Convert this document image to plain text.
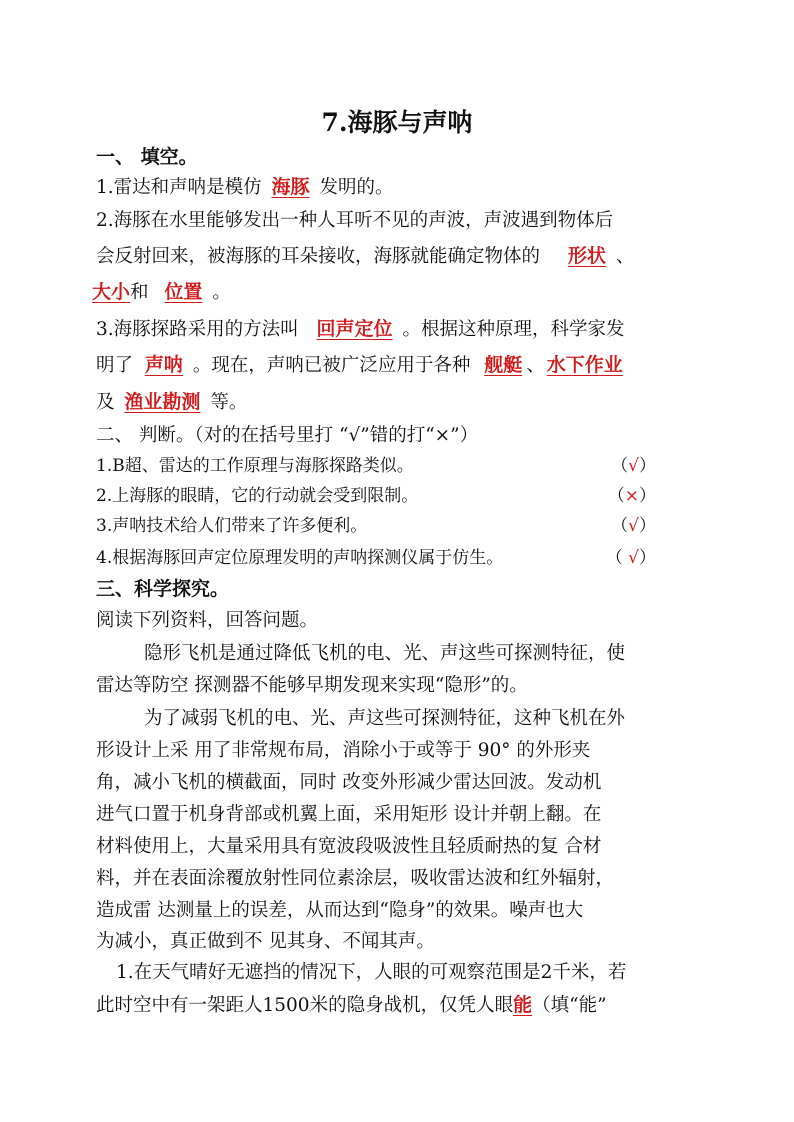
7.海豚与声呐
一、 填空。
1.雷达和声呐是模仿 海豚 发明的。
2.海豚在水里能够发出一种人耳听不见的声波，声波遇到物体后
会反射回来，被海豚的耳朵接收，海豚就能确定物体的 形状 、
大小和 位置 。
3.海豚探路采用的方法叫 回声定位 。根据这种原理，科学家发
明了 声呐 。现在，声呐已被广泛应用于各种 舰艇 、 水下作业
及 渔业勘测 等。
二、 判断。（对的在括号里打 “√”错的打“×”）
1.B超、雷达的工作原理与海豚探路类似。	（√）
2.上海豚的眼睛，它的行动就会受到限制。	（×）
3.声呐技术给人们带来了许多便利。	（√）
4.根据海豚回声定位原理发明的声呐探测仪属于仿生。	（ √）
三、科学探究。
阅读下列资料，回答问题。
隐形飞机是通过降低飞机的电、光、声这些可探测特征，使
雷达等防空 探测器不能够早期发现来实现“隐形”的。
为了减弱飞机的电、光、声这些可探测特征，这种飞机在外
形设计上采 用了非常规布局，消除小于或等于 90° 的外形夹
角，减小飞机的横截面，同时 改变外形减少雷达回波。发动机
进气口置于机身背部或机翼上面，采用矩形 设计并朝上翻。在
材料使用上，大量采用具有宽波段吸波性且轻质耐热的复 合材
料，并在表面涂覆放射性同位素涂层，吸收雷达波和红外辐射，
造成雷 达测量上的误差，从而达到“隐身”的效果。噪声也大
为减小，真正做到不 见其身、不闻其声。
1.在天气晴好无遮挡的情况下，人眼的可观察范围是2千米，若
此时空中有一架距人1500米的隐身战机，仅凭人眼能（填“能”
